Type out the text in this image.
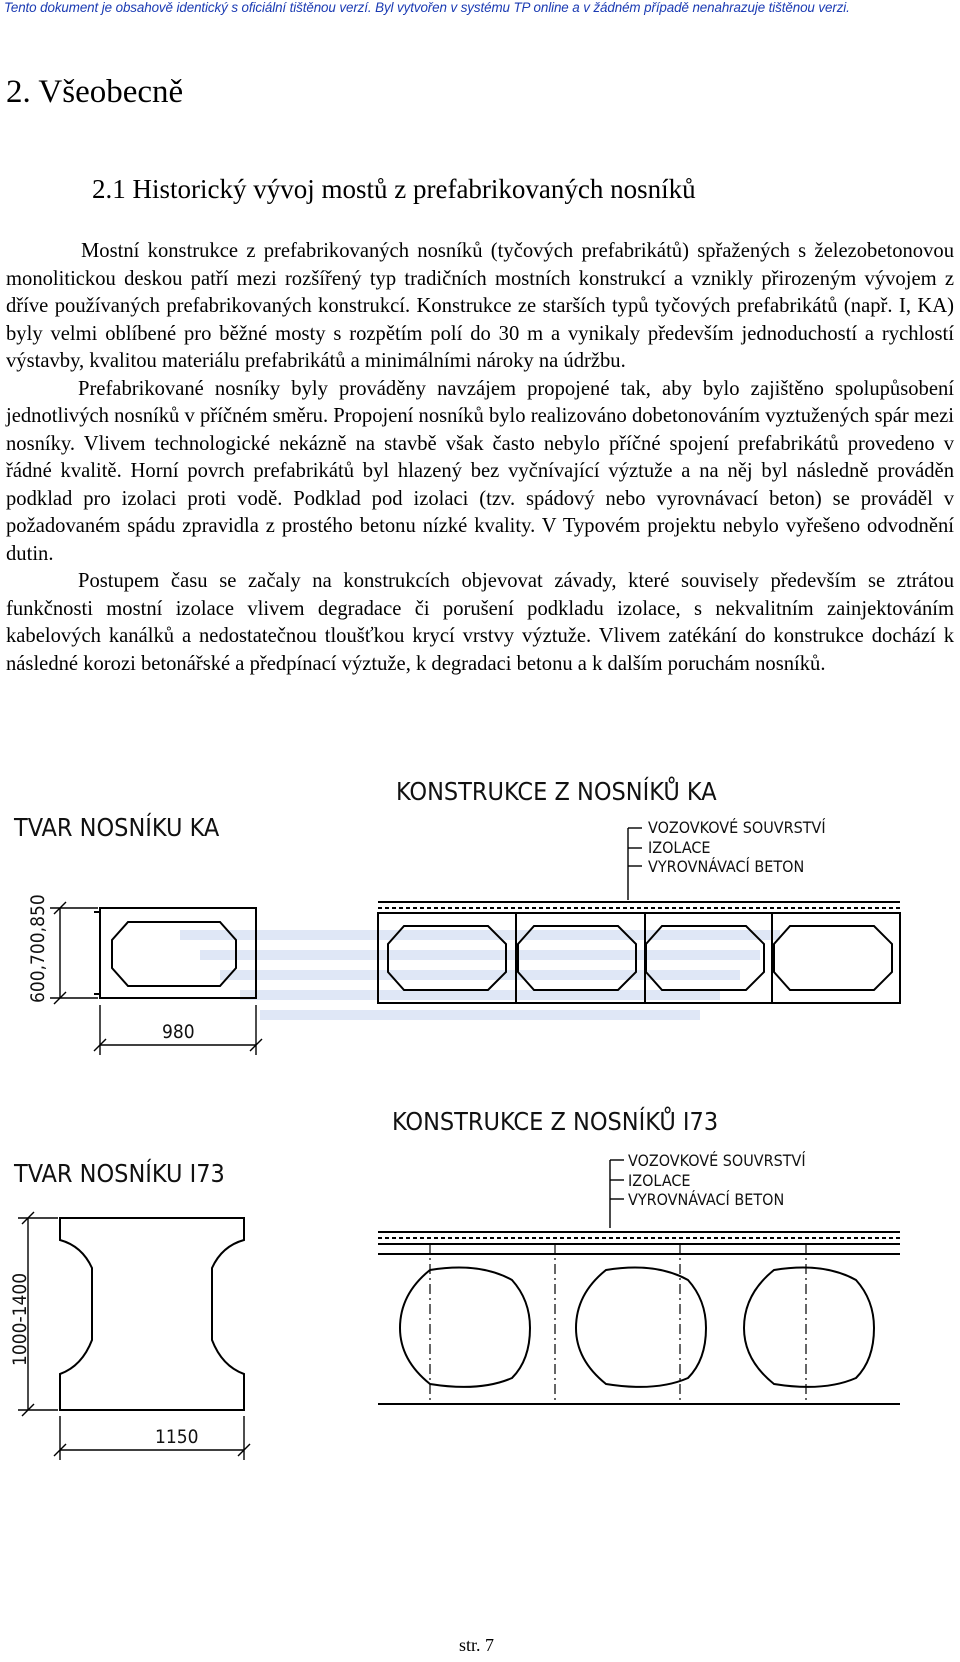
Tento dokument je obsahově identický s oficiální tištěnou verzí. Byl vytvořen v systému TP online a v žádném případě nenahrazuje tištěnou verzi.
2. Všeobecně
2.1 Historický vývoj mostů z prefabrikovaných nosníků

Mostní konstrukce z prefabrikovaných nosníků (tyčových prefabrikátů) spřažených s železobetonovou monolitickou deskou patří mezi rozšířený typ tradičních mostních konstrukcí a vznikly přirozeným vývojem z dříve používaných prefabrikovaných konstrukcí. Konstrukce ze starších typů tyčových prefabrikátů (např. I, KA) byly velmi oblíbené pro běžné mosty s rozpětím polí do 30 m a vynikaly především jednoduchostí a rychlostí výstavby, kvalitou materiálu prefabrikátů a minimálními nároky na údržbu.

Prefabrikované nosníky byly prováděny navzájem propojené tak, aby bylo zajištěno spolupůsobení jednotlivých nosníků v příčném směru. Propojení nosníků bylo realizováno dobetonováním vyztužených spár mezi nosníky. Vlivem technologické nekázně na stavbě však často nebylo příčné spojení prefabrikátů provedeno v řádné kvalitě. Horní povrch prefabrikátů byl hlazený bez vyčnívající výztuže a na něj byl následně prováděn podklad pro izolaci proti vodě. Podklad pod izolaci (tzv. spádový nebo vyrovnávací beton) se prováděl v požadovaném spádu zpravidla z prostého betonu nízké kvality. V Typovém projektu nebylo vyřešeno odvodnění dutin.

Postupem času se začaly na konstrukcích objevovat závady, které souvisely především se ztrátou funkčnosti mostní izolace vlivem degradace či porušení podkladu izolace, s nekvalitním zainjektováním kabelových kanálků a nedostatečnou tloušťkou krycí vrstvy výztuže. Vlivem zatékání do konstrukce dochází k následné korozi betonářské a předpínací výztuže, k degradaci betonu a k dalším poruchám nosníků.

TVAR NOSNÍKU KA
600,700,850
980
KONSTRUKCE Z NOSNÍKŮ KA
VOZOVKOVÉ SOUVRSTVÍ
IZOLACE
VYROVNÁVACÍ BETON
KONSTRUKCE Z NOSNÍKŮ I73
VOZOVKOVÉ SOUVRSTVÍ
IZOLACE
VYROVNÁVACÍ BETON
TVAR NOSNÍKU I73
1000-1400
1150
str. 7
